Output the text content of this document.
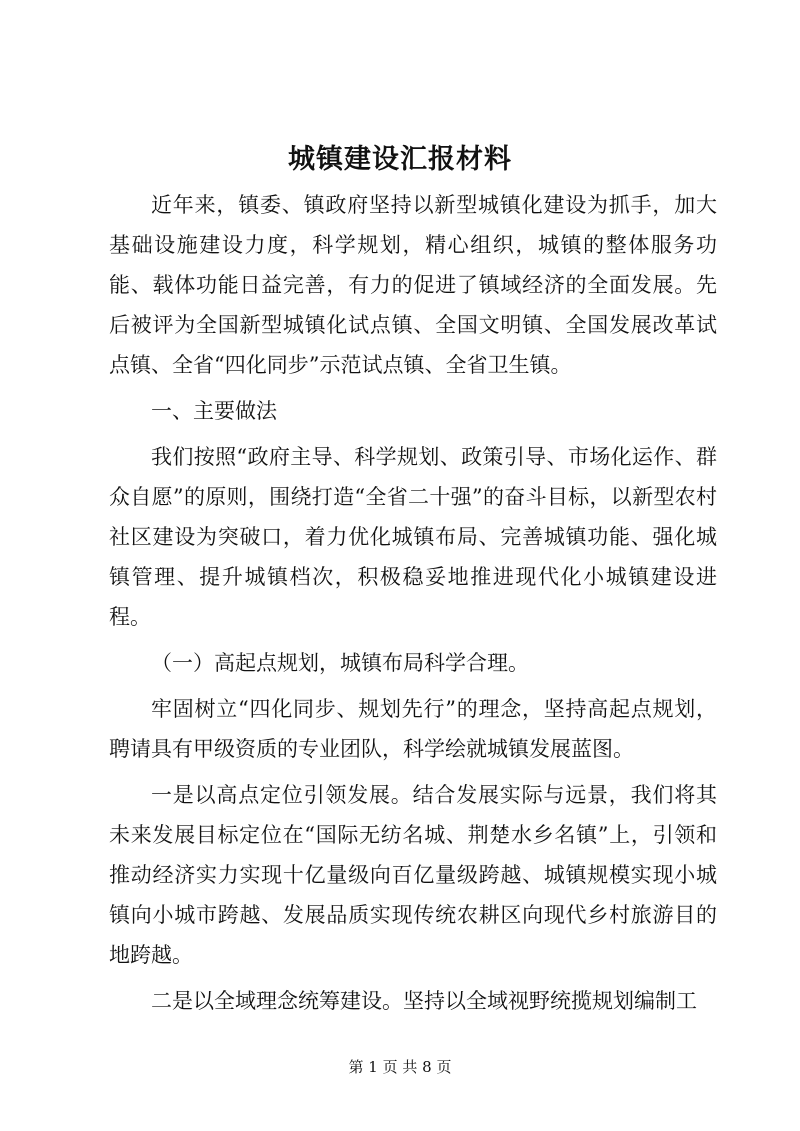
城镇建设汇报材料

近年来，镇委、镇政府坚持以新型城镇化建设为抓手，加大基础设施建设力度，科学规划，精心组织，城镇的整体服务功能、载体功能日益完善，有力的促进了镇域经济的全面发展。先后被评为全国新型城镇化试点镇、全国文明镇、全国发展改革试点镇、全省“四化同步”示范试点镇、全省卫生镇。

一、主要做法

我们按照“政府主导、科学规划、政策引导、市场化运作、群众自愿”的原则，围绕打造“全省二十强”的奋斗目标，以新型农村社区建设为突破口，着力优化城镇布局、完善城镇功能、强化城镇管理、提升城镇档次，积极稳妥地推进现代化小城镇建设进程。

（一）高起点规划，城镇布局科学合理。

牢固树立“四化同步、规划先行”的理念，坚持高起点规划，聘请具有甲级资质的专业团队，科学绘就城镇发展蓝图。

一是以高点定位引领发展。结合发展实际与远景，我们将其未来发展目标定位在“国际无纺名城、荆楚水乡名镇”上，引领和推动经济实力实现十亿量级向百亿量级跨越、城镇规模实现小城镇向小城市跨越、发展品质实现传统农耕区向现代乡村旅游目的地跨越。

二是以全域理念统筹建设。坚持以全域视野统揽规划编制工

第 1 页 共 8 页
